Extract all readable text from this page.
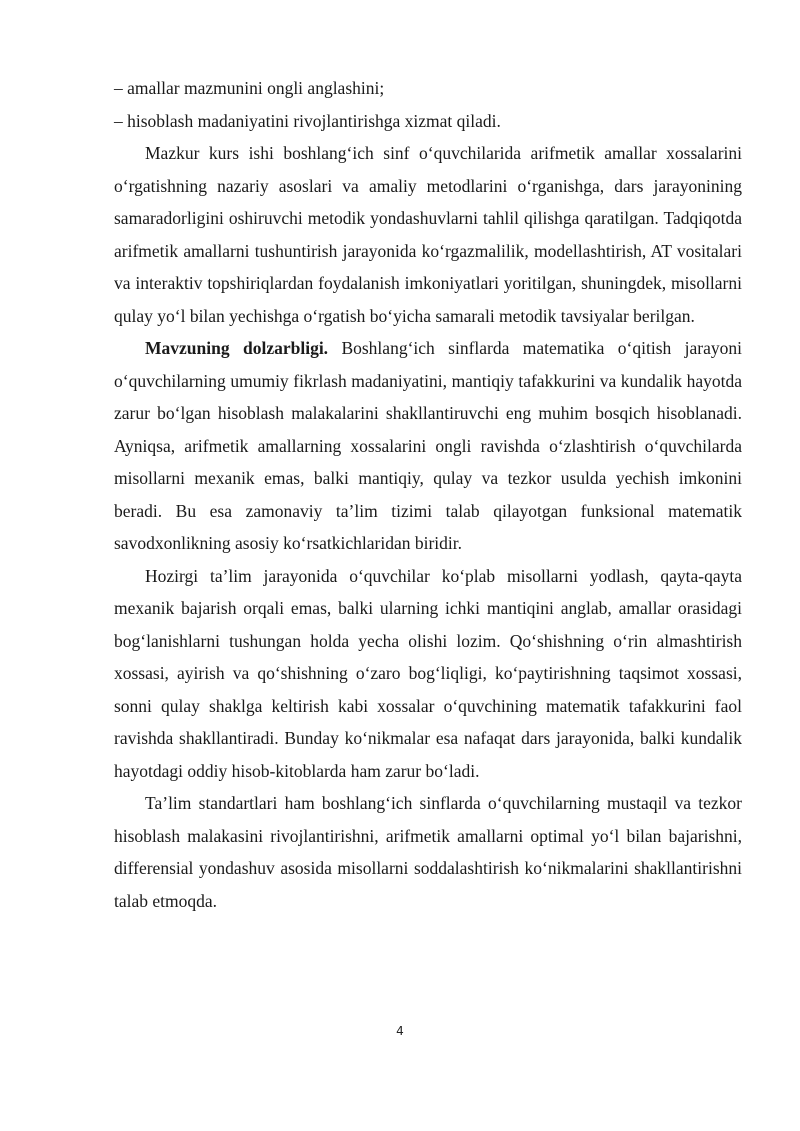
– amallar mazmunini ongli anglashini;

– hisoblash madaniyatini rivojlantirishga xizmat qiladi.

Mazkur kurs ishi boshlang‘ich sinf o‘quvchilarida arifmetik amallar xossalarini o‘rgatishning nazariy asoslari va amaliy metodlarini o‘rganishga, dars jarayonining samaradorligini oshiruvchi metodik yondashuvlarni tahlil qilishga qaratilgan. Tadqiqotda arifmetik amallarni tushuntirish jarayonida ko‘rgazmalilik, modellashtirish, AT vositalari va interaktiv topshiriqlardan foydalanish imkoniyatlari yoritilgan, shuningdek, misollarni qulay yo‘l bilan yechishga o‘rgatish bo‘yicha samarali metodik tavsiyalar berilgan.

Mavzuning dolzarbligi. Boshlang‘ich sinflarda matematika o‘qitish jarayoni o‘quvchilarning umumiy fikrlash madaniyatini, mantiqiy tafakkurini va kundalik hayotda zarur bo‘lgan hisoblash malakalarini shakllantiruvchi eng muhim bosqich hisoblanadi. Ayniqsa, arifmetik amallarning xossalarini ongli ravishda o‘zlashtirish o‘quvchilarda misollarni mexanik emas, balki mantiqiy, qulay va tezkor usulda yechish imkonini beradi. Bu esa zamonaviy ta’lim tizimi talab qilayotgan funksional matematik savodxonlikning asosiy ko‘rsatkichlaridan biridir.

Hozirgi ta’lim jarayonida o‘quvchilar ko‘plab misollarni yodlash, qayta-qayta mexanik bajarish orqali emas, balki ularning ichki mantiqini anglab, amallar orasidagi bog‘lanishlarni tushungan holda yecha olishi lozim. Qo‘shishning o‘rin almashtirish xossasi, ayirish va qo‘shishning o‘zaro bog‘liqligi, ko‘paytirishning taqsimot xossasi, sonni qulay shaklga keltirish kabi xossalar o‘quvchining matematik tafakkurini faol ravishda shakllantiradi. Bunday ko‘nikmalar esa nafaqat dars jarayonida, balki kundalik hayotdagi oddiy hisob-kitoblarda ham zarur bo‘ladi.

Ta’lim standartlari ham boshlang‘ich sinflarda o‘quvchilarning mustaqil va tezkor hisoblash malakasini rivojlantirishni, arifmetik amallarni optimal yo‘l bilan bajarishni, differensial yondashuv asosida misollarni soddalashtirish ko‘nikmalarini shakllantirishni talab etmoqda.

4
